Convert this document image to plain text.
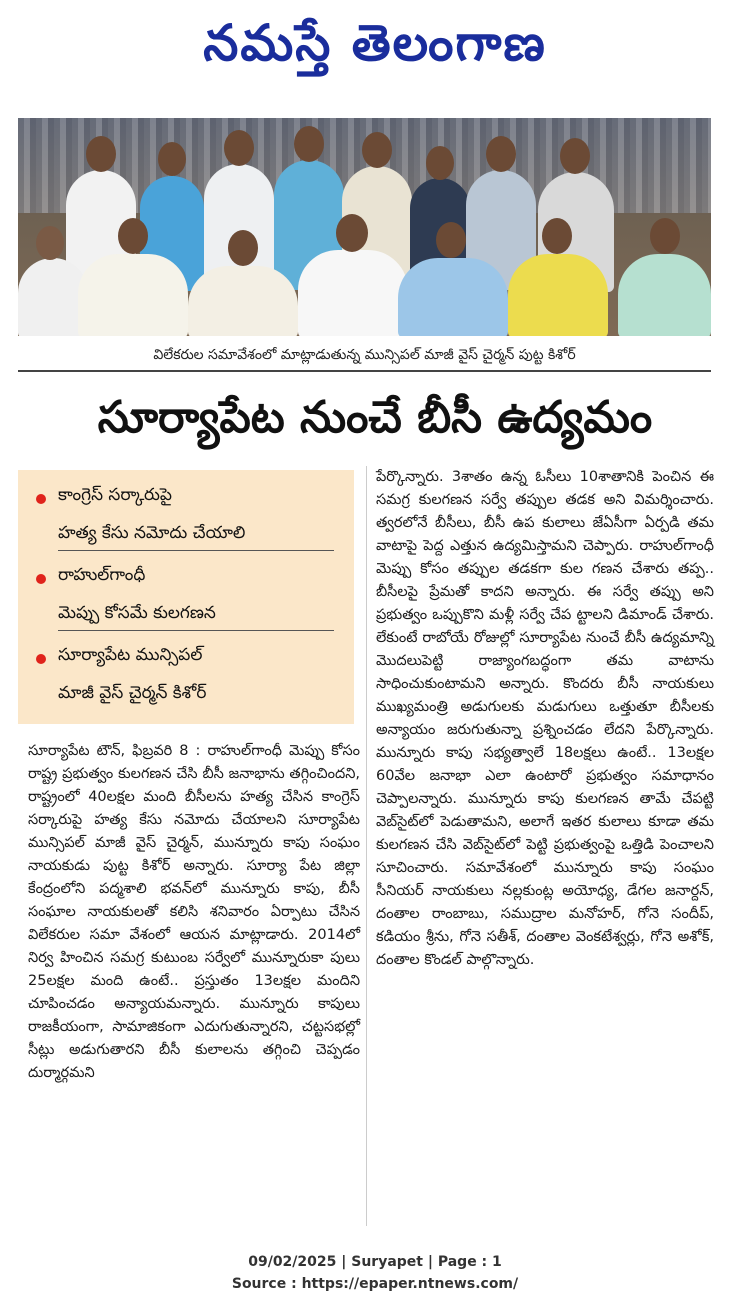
నమస్తే తెలంగాణ
విలేకరుల సమావేశంలో మాట్లాడుతున్న మున్సిపల్ మాజీ వైస్ చైర్మన్ పుట్ట కిశోర్
సూర్యాపేట నుంచే బీసీ ఉద్యమం
కాంగ్రెస్ సర్కారుపై
హత్య కేసు నమోదు చేయాలి
రాహుల్‌గాంధీ
మెప్పు కోసమే కులగణన
సూర్యాపేట మున్సిపల్
మాజీ వైస్ చైర్మన్ కిశోర్

సూర్యాపేట టౌన్, ఫిబ్రవరి 8 : రాహుల్‌గాంధీ మెప్పు కోసం రాష్ట్ర ప్రభుత్వం కులగణన చేసి బీసీ జనాభాను తగ్గించిందని, రాష్ట్రంలో 40లక్షల మంది బీసీలను హత్య చేసిన కాంగ్రెస్ సర్కారుపై హత్య కేసు నమోదు చేయాలని సూర్యాపేట మున్సిపల్ మాజీ వైస్ చైర్మన్, మున్నూరు కాపు సంఘం నాయకుడు పుట్ట కిశోర్ అన్నారు. సూర్యా పేట జిల్లా కేంద్రంలోని పద్మశాలి భవన్‌లో మున్నూరు కాపు, బీసీ సంఘాల నాయకులతో కలిసి శనివారం ఏర్పాటు చేసిన విలేకరుల సమా వేశంలో ఆయన మాట్లాడారు. 2014లో నిర్వ హించిన సమగ్ర కుటుంబ సర్వేలో మున్నూరుకా పులు 25లక్షల మంది ఉంటే.. ప్రస్తుతం 13లక్షల మందిని చూపించడం అన్యాయమన్నారు. మున్నూరు కాపులు రాజకీయంగా, సామాజికంగా ఎదుగుతున్నారని, చట్టసభల్లో సీట్లు అడుగుతారని బీసీ కులాలను తగ్గించి చెప్పడం దుర్మార్గమని

పేర్కొన్నారు. 3శాతం ఉన్న ఓసీలు 10శాతానికి పెంచిన ఈ సమగ్ర కులగణన సర్వే తప్పుల తడక అని విమర్శించారు. త్వరలోనే బీసీలు, బీసీ ఉప కులాలు జేఏసీగా ఏర్పడి తమ వాటాపై పెద్ద ఎత్తున ఉద్యమిస్తామని చెప్పారు. రాహుల్‌గాంధీ మెప్పు కోసం తప్పుల తడకగా కుల గణన చేశారు తప్ప.. బీసీలపై ప్రేమతో కాదని అన్నారు. ఈ సర్వే తప్పు అని ప్రభుత్వం ఒప్పుకొని మళ్లీ సర్వే చేప ట్టాలని డిమాండ్ చేశారు. లేకుంటే రాబోయే రోజుల్లో సూర్యాపేట నుంచే బీసీ ఉద్యమాన్ని మొదలుపెట్టి రాజ్యాంగబద్ధంగా తమ వాటాను సాధించుకుంటామని అన్నారు. కొందరు బీసీ నాయకులు ముఖ్యమంత్రి అడుగులకు మడుగులు ఒత్తుతూ బీసీలకు అన్యాయం జరుగుతున్నా ప్రశ్నించడం లేదని పేర్కొన్నారు. మున్నూరు కాపు సభ్యత్వాలే 18లక్షలు ఉంటే.. 13లక్షల 60వేల జనాభా ఎలా ఉంటారో ప్రభుత్వం సమాధానం చెప్పాలన్నారు. మున్నూరు కాపు కులగణన తామే చేపట్టి వెబ్‌సైట్‌లో పెడుతామని, అలాగే ఇతర కులాలు కూడా తమ కులగణన చేసి వెబ్‌సైట్‌లో పెట్టి ప్రభుత్వంపై ఒత్తిడి పెంచాలని సూచించారు. సమావేశంలో మున్నూరు కాపు సంఘం సీనియర్ నాయకులు నల్లకుంట్ల అయోధ్య, డేగల జనార్దన్, దంతాల రాంబాబు, సముద్రాల మనోహర్, గోనె సందీప్, కడియం శ్రీను, గోనె సతీశ్, దంతాల వెంకటేశ్వర్లు, గోనె అశోక్, దంతాల కొండల్ పాల్గొన్నారు.

09/02/2025 | Suryapet | Page : 1
Source : https://epaper.ntnews.com/
